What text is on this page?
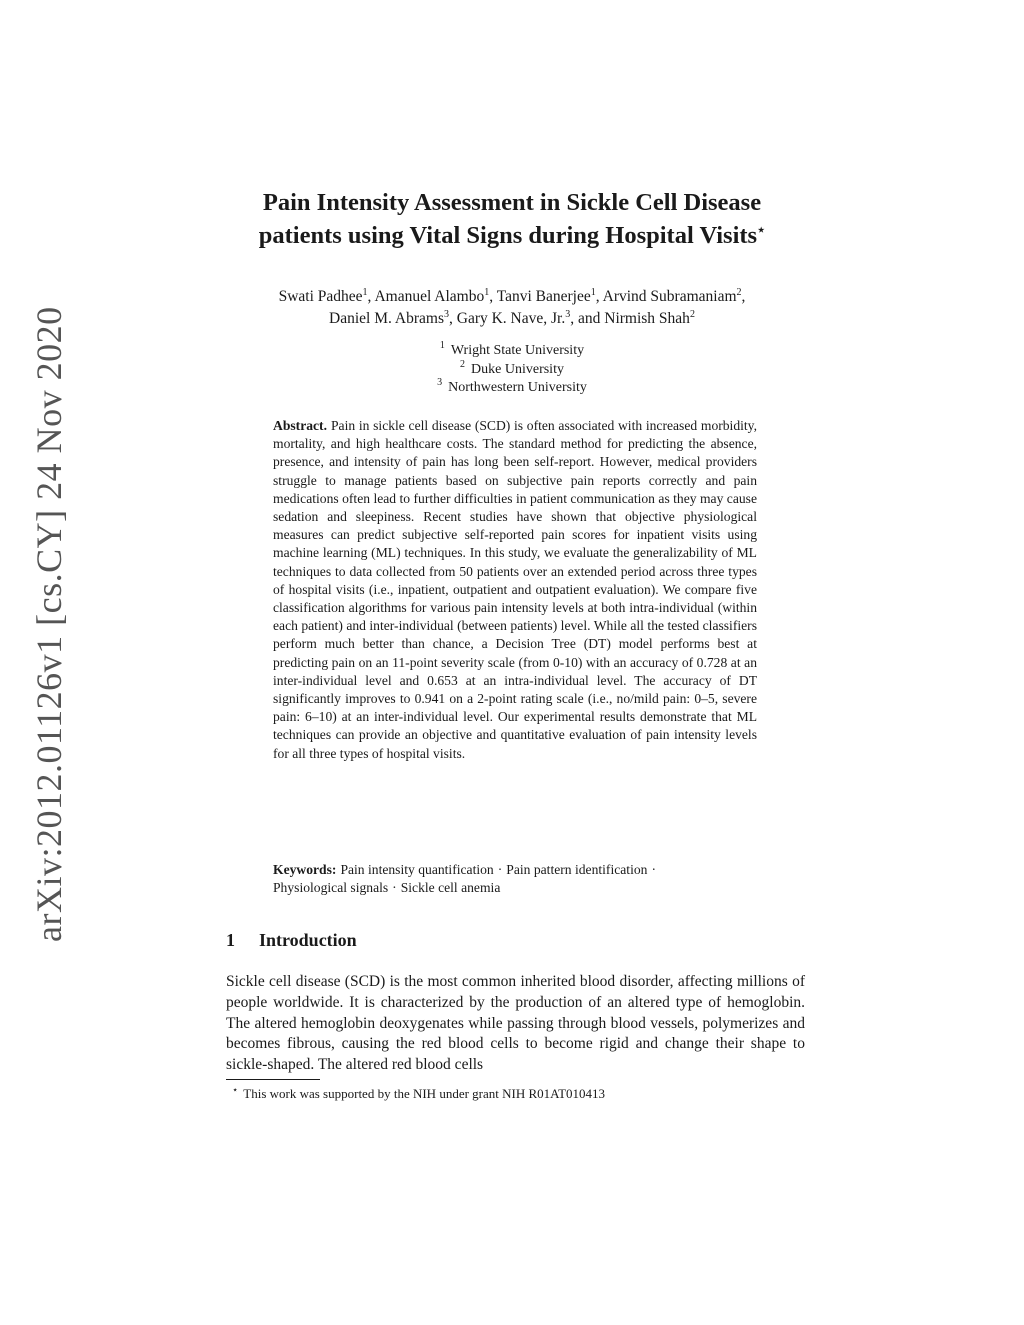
arXiv:2012.01126v1 [cs.CY] 24 Nov 2020
Pain Intensity Assessment in Sickle Cell Disease
patients using Vital Signs during Hospital Visits⋆
Swati Padhee$^1$, Amanuel Alambo$^1$, Tanvi Banerjee$^1$, Arvind Subramaniam$^2$,
Daniel M. Abrams$^3$, Gary K. Nave, Jr.$^3$, and Nirmish Shah$^2$
$^1$ Wright State University
$^2$ Duke University
$^3$ Northwestern University

Abstract. Pain in sickle cell disease (SCD) is often associated with increased morbidity, mortality, and high healthcare costs. The standard method for predicting the absence, presence, and intensity of pain has long been self-report. However, medical providers struggle to manage patients based on subjective pain reports correctly and pain medications often lead to further difficulties in patient communication as they may cause sedation and sleepiness. Recent studies have shown that objective physiological measures can predict subjective self-reported pain scores for inpatient visits using machine learning (ML) techniques. In this study, we evaluate the generalizability of ML techniques to data collected from 50 patients over an extended period across three types of hospital visits (i.e., inpatient, outpatient and outpatient evaluation). We compare five classification algorithms for various pain intensity levels at both intra-individual (within each patient) and inter-individual (between patients) level. While all the tested classifiers perform much better than chance, a Decision Tree (DT) model performs best at predicting pain on an 11-point severity scale (from 0-10) with an accuracy of 0.728 at an inter-individual level and 0.653 at an intra-individual level. The accuracy of DT significantly improves to 0.941 on a 2-point rating scale (i.e., no/mild pain: 0–5, severe pain: 6–10) at an inter-individual level. Our experimental results demonstrate that ML techniques can provide an objective and quantitative evaluation of pain intensity levels for all three types of hospital visits.

Keywords: Pain intensity quantification · Pain pattern identification ·
Physiological signals · Sickle cell anemia
1 Introduction

Sickle cell disease (SCD) is the most common inherited blood disorder, affecting millions of people worldwide. It is characterized by the production of an altered type of hemoglobin. The altered hemoglobin deoxygenates while passing through blood vessels, polymerizes and becomes fibrous, causing the red blood cells to become rigid and change their shape to sickle-shaped. The altered red blood cells

⋆ This work was supported by the NIH under grant NIH R01AT010413
